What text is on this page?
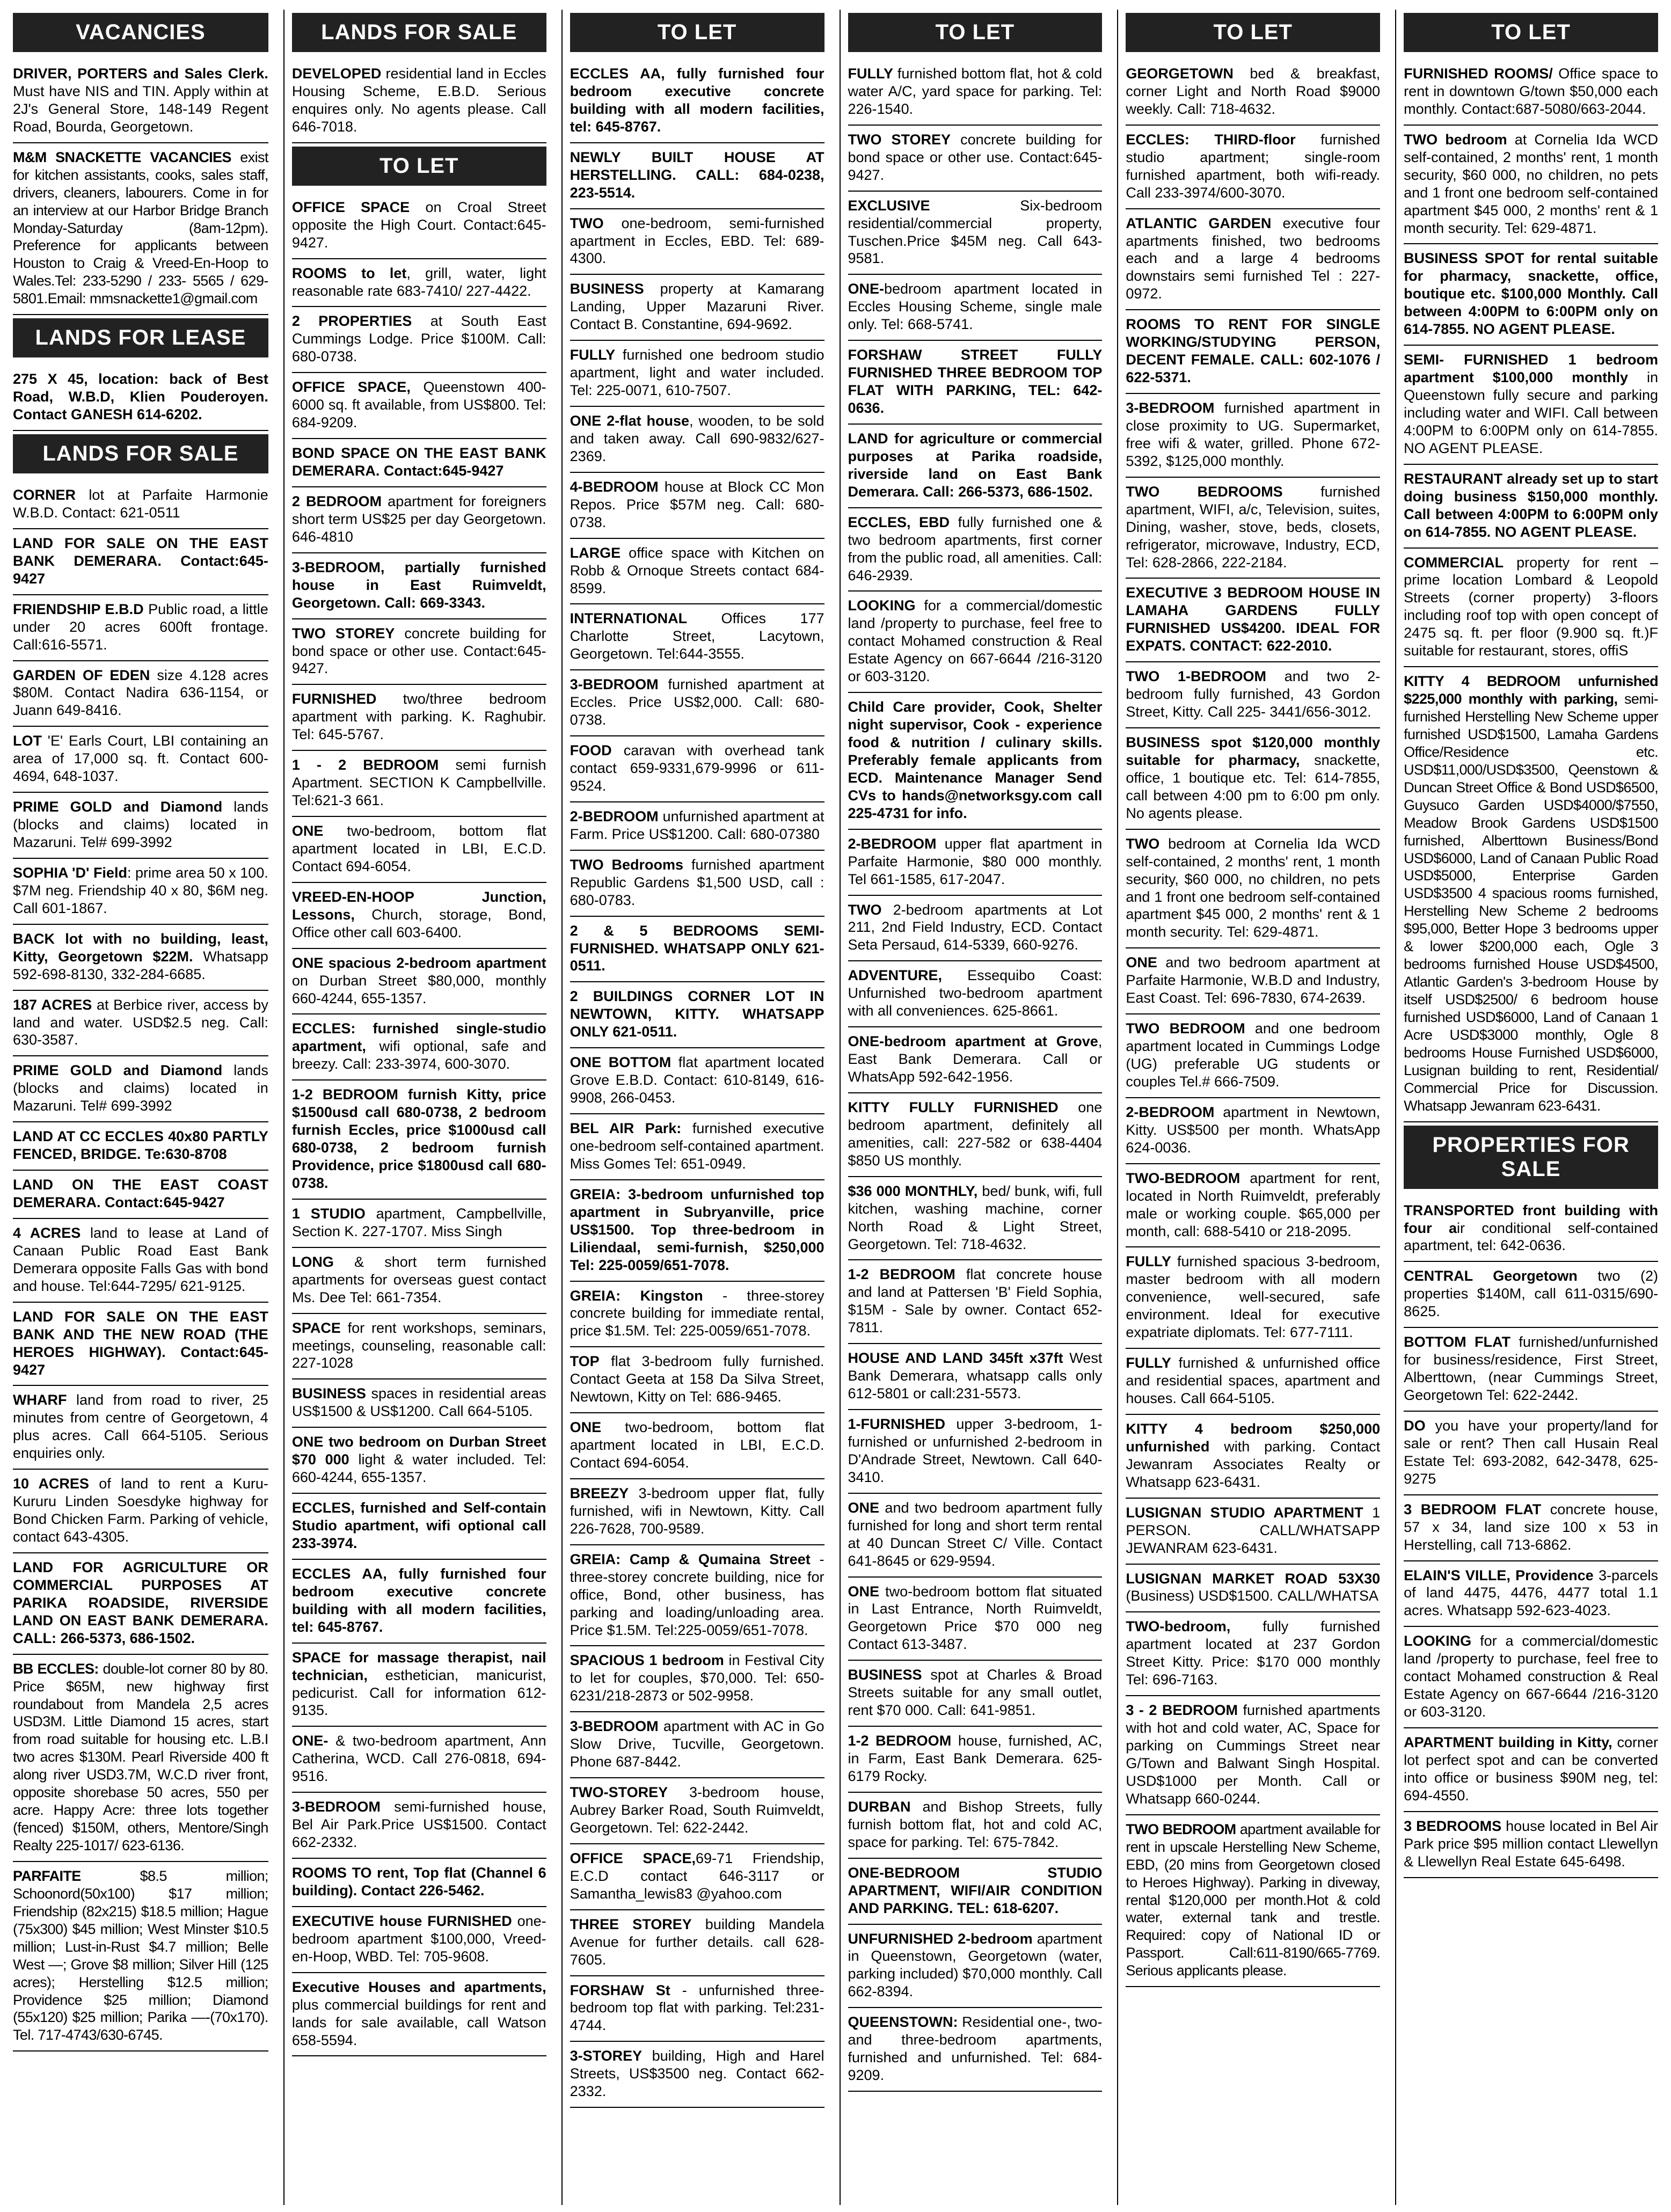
VACANCIES
DRIVER, PORTERS and Sales Clerk. Must have NIS and TIN. Apply within at 2J's General Store, 148-149 Regent Road, Bourda, Georgetown.
M&M SNACKETTE VACANCIES exist for kitchen assistants, cooks, sales staff, drivers, cleaners, labourers. Come in for an interview at our Harbor Bridge Branch Monday-Saturday (8am-12pm). Preference for applicants between Houston to Craig & Vreed-En-Hoop to Wales.Tel: 233-5290 / 233- 5565 / 629-5801.Email: mmsnackette1@gmail.com
LANDS FOR LEASE
275 X 45, location: back of Best Road, W.B.D, Klien Pouderoyen. Contact GANESH 614-6202.
LANDS FOR SALE
CORNER lot at Parfaite Harmonie W.B.D. Contact: 621-0511
LAND FOR SALE ON THE EAST BANK DEMERARA. Contact:645-9427
FRIENDSHIP E.B.D Public road, a little under 20 acres 600ft frontage. Call:616-5571.
GARDEN OF EDEN size 4.128 acres $80M. Contact Nadira 636-1154, or Juann 649-8416.
LOT 'E' Earls Court, LBI containing an area of 17,000 sq. ft. Contact 600-4694, 648-1037.
PRIME GOLD and Diamond lands (blocks and claims) located in Mazaruni. Tel# 699-3992
SOPHIA 'D' Field: prime area 50 x 100. $7M neg. Friendship 40 x 80, $6M neg. Call 601-1867.
BACK lot with no building, least, Kitty, Georgetown $22M. Whatsapp 592-698-8130, 332-284-6685.
187 ACRES at Berbice river, access by land and water. USD$2.5 neg. Call: 630-3587.
PRIME GOLD and Diamond lands (blocks and claims) located in Mazaruni. Tel# 699-3992
LAND AT CC ECCLES 40x80 PARTLY FENCED, BRIDGE. Te:630-8708
LAND ON THE EAST COAST DEMERARA. Contact:645-9427
4 ACRES land to lease at Land of Canaan Public Road East Bank Demerara opposite Falls Gas with bond and house. Tel:644-7295/ 621-9125.
LAND FOR SALE ON THE EAST BANK AND THE NEW ROAD (THE HEROES HIGHWAY). Contact:645-9427
WHARF land from road to river, 25 minutes from centre of Georgetown, 4 plus acres. Call 664-5105. Serious enquiries only.
10 ACRES of land to rent a Kuru-Kururu Linden Soesdyke highway for Bond Chicken Farm. Parking of vehicle, contact 643-4305.
LAND FOR AGRICULTURE OR COMMERCIAL PURPOSES AT PARIKA ROADSIDE, RIVERSIDE LAND ON EAST BANK DEMERARA. CALL: 266-5373, 686-1502.
BB ECCLES: double-lot corner 80 by 80. Price $65M, new highway first roundabout from Mandela 2,5 acres USD3M. Little Diamond 15 acres, start from road suitable for housing etc. L.B.I two acres $130M. Pearl Riverside 400 ft along river USD3.7M, W.C.D river front, opposite shorebase 50 acres, 550 per acre. Happy Acre: three lots together (fenced) $150M, others, Mentore/Singh Realty 225-1017/ 623-6136.
PARFAITE $8.5 million; Schoonord(50x100) $17 million; Friendship (82x215) $18.5 million; Hague (75x300) $45 million; West Minster $10.5 million; Lust-in-Rust $4.7 million; Belle West —; Grove $8 million; Silver Hill (125 acres); Herstelling $12.5 million; Providence $25 million; Diamond (55x120) $25 million; Parika —-(70x170). Tel. 717-4743/630-6745.
LANDS FOR SALE
DEVELOPED residential land in Eccles Housing Scheme, E.B.D. Serious enquires only. No agents please. Call 646-7018.
TO LET
OFFICE SPACE on Croal Street opposite the High Court. Contact:645-9427.
ROOMS to let, grill, water, light reasonable rate 683-7410/ 227-4422.
2 PROPERTIES at South East Cummings Lodge. Price $100M. Call: 680-0738.
OFFICE SPACE, Queenstown 400-6000 sq. ft available, from US$800. Tel: 684-9209.
BOND SPACE ON THE EAST BANK DEMERARA. Contact:645-9427
2 BEDROOM apartment for foreigners short term US$25 per day Georgetown. 646-4810
3-BEDROOM, partially furnished house in East Ruimveldt, Georgetown. Call: 669-3343.
TWO STOREY concrete building for bond space or other use. Contact:645-9427.
FURNISHED two/three bedroom apartment with parking. K. Raghubir. Tel: 645-5767.
1 - 2 BEDROOM semi furnish Apartment. SECTION K Campbellville. Tel:621-3 661.
ONE two-bedroom, bottom flat apartment located in LBI, E.C.D. Contact 694-6054.
VREED-EN-HOOP Junction, Lessons, Church, storage, Bond, Office other call 603-6400.
ONE spacious 2-bedroom apartment on Durban Street $80,000, monthly 660-4244, 655-1357.
ECCLES: furnished single-studio apartment, wifi optional, safe and breezy. Call: 233-3974, 600-3070.
1-2 BEDROOM furnish Kitty, price $1500usd call 680-0738, 2 bedroom furnish Eccles, price $1000usd call 680-0738, 2 bedroom furnish Providence, price $1800usd call 680-0738.
1 STUDIO apartment, Campbellville, Section K. 227-1707. Miss Singh
LONG & short term furnished apartments for overseas guest contact Ms. Dee Tel: 661-7354.
SPACE for rent workshops, seminars, meetings, counseling, reasonable call: 227-1028
BUSINESS spaces in residential areas US$1500 & US$1200. Call 664-5105.
ONE two bedroom on Durban Street $70 000 light & water included. Tel: 660-4244, 655-1357.
ECCLES, furnished and Self-contain Studio apartment, wifi optional call 233-3974.
ECCLES AA, fully furnished four bedroom executive concrete building with all modern facilities, tel: 645-8767.
SPACE for massage therapist, nail technician, esthetician, manicurist, pedicurist. Call for information 612-9135.
ONE- & two-bedroom apartment, Ann Catherina, WCD. Call 276-0818, 694-9516.
3-BEDROOM semi-furnished house, Bel Air Park.Price US$1500. Contact 662-2332.
ROOMS TO rent, Top flat (Channel 6 building). Contact 226-5462.
EXECUTIVE house FURNISHED one-bedroom apartment $100,000, Vreed-en-Hoop, WBD. Tel: 705-9608.
Executive Houses and apartments, plus commercial buildings for rent and lands for sale available, call Watson 658-5594.
TO LET
ECCLES AA, fully furnished four bedroom executive concrete building with all modern facilities, tel: 645-8767.
NEWLY BUILT HOUSE AT HERSTELLING. CALL: 684-0238, 223-5514.
TWO one-bedroom, semi-furnished apartment in Eccles, EBD. Tel: 689-4300.
BUSINESS property at Kamarang Landing, Upper Mazaruni River. Contact B. Constantine, 694-9692.
FULLY furnished one bedroom studio apartment, light and water included. Tel: 225-0071, 610-7507.
ONE 2-flat house, wooden, to be sold and taken away. Call 690-9832/627-2369.
4-BEDROOM house at Block CC Mon Repos. Price $57M neg. Call: 680-0738.
LARGE office space with Kitchen on Robb & Ornoque Streets contact 684-8599.
INTERNATIONAL Offices 177 Charlotte Street, Lacytown, Georgetown. Tel:644-3555.
3-BEDROOM furnished apartment at Eccles. Price US$2,000. Call: 680-0738.
FOOD caravan with overhead tank contact 659-9331,679-9996 or 611-9524.
2-BEDROOM unfurnished apartment at Farm. Price US$1200. Call: 680-07380
TWO Bedrooms furnished apartment Republic Gardens $1,500 USD, call : 680-0783.
2 & 5 BEDROOMS SEMI-FURNISHED. WHATSAPP ONLY 621-0511.
2 BUILDINGS CORNER LOT IN NEWTOWN, KITTY. WHATSAPP ONLY 621-0511.
ONE BOTTOM flat apartment located Grove E.B.D. Contact: 610-8149, 616-9908, 266-0453.
BEL AIR Park: furnished executive one-bedroom self-contained apartment. Miss Gomes Tel: 651-0949.
GREIA: 3-bedroom unfurnished top apartment in Subryanville, price US$1500. Top three-bedroom in Liliendaal, semi-furnish, $250,000 Tel: 225-0059/651-7078.
GREIA: Kingston - three-storey concrete building for immediate rental, price $1.5M. Tel: 225-0059/651-7078.
TOP flat 3-bedroom fully furnished. Contact Geeta at 158 Da Silva Street, Newtown, Kitty on Tel: 686-9465.
ONE two-bedroom, bottom flat apartment located in LBI, E.C.D. Contact 694-6054.
BREEZY 3-bedroom upper flat, fully furnished, wifi in Newtown, Kitty. Call 226-7628, 700-9589.
GREIA: Camp & Qumaina Street - three-storey concrete building, nice for office, Bond, other business, has parking and loading/unloading area. Price $1.5M. Tel:225-0059/651-7078.
SPACIOUS 1 bedroom in Festival City to let for couples, $70,000. Tel: 650-6231/218-2873 or 502-9958.
3-BEDROOM apartment with AC in Go Slow Drive, Tucville, Georgetown. Phone 687-8442.
TWO-STOREY 3-bedroom house, Aubrey Barker Road, South Ruimveldt, Georgetown. Tel: 622-2442.
OFFICE SPACE,69-71 Friendship, E.C.D contact 646-3117 or Samantha_lewis83 @yahoo.com
THREE STOREY building Mandela Avenue for further details. call 628-7605.
FORSHAW St - unfurnished three-bedroom top flat with parking. Tel:231-4744.
3-STOREY building, High and Harel Streets, US$3500 neg. Contact 662-2332.
TO LET
FULLY furnished bottom flat, hot & cold water A/C, yard space for parking. Tel: 226-1540.
TWO STOREY concrete building for bond space or other use. Contact:645-9427.
EXCLUSIVE Six-bedroom residential/commercial property, Tuschen.Price $45M neg. Call 643-9581.
ONE-bedroom apartment located in Eccles Housing Scheme, single male only. Tel: 668-5741.
FORSHAW STREET FULLY FURNISHED THREE BEDROOM TOP FLAT WITH PARKING, TEL: 642-0636.
LAND for agriculture or commercial purposes at Parika roadside, riverside land on East Bank Demerara. Call: 266-5373, 686-1502.
ECCLES, EBD fully furnished one & two bedroom apartments, first corner from the public road, all amenities. Call: 646-2939.
LOOKING for a commercial/domestic land /property to purchase, feel free to contact Mohamed construction & Real Estate Agency on 667-6644 /216-3120 or 603-3120.
Child Care provider, Cook, Shelter night supervisor, Cook - experience food & nutrition / culinary skills. Preferably female applicants from ECD. Maintenance Manager Send CVs to hands@networksgy.com call 225-4731 for info.
2-BEDROOM upper flat apartment in Parfaite Harmonie, $80 000 monthly. Tel 661-1585, 617-2047.
TWO 2-bedroom apartments at Lot 211, 2nd Field Industry, ECD. Contact Seta Persaud, 614-5339, 660-9276.
ADVENTURE, Essequibo Coast: Unfurnished two-bedroom apartment with all conveniences. 625-8661.
ONE-bedroom apartment at Grove, East Bank Demerara. Call or WhatsApp 592-642-1956.
KITTY FULLY FURNISHED one bedroom apartment, definitely all amenities, call: 227-582 or 638-4404 $850 US monthly.
$36 000 MONTHLY, bed/ bunk, wifi, full kitchen, washing machine, corner North Road & Light Street, Georgetown. Tel: 718-4632.
1-2 BEDROOM flat concrete house and land at Pattersen 'B' Field Sophia, $15M - Sale by owner. Contact 652-7811.
HOUSE AND LAND 345ft x37ft West Bank Demerara, whatsapp calls only 612-5801 or call:231-5573.
1-FURNISHED upper 3-bedroom, 1-furnished or unfurnished 2-bedroom in D'Andrade Street, Newtown. Call 640-3410.
ONE and two bedroom apartment fully furnished for long and short term rental at 40 Duncan Street C/ Ville. Contact 641-8645 or 629-9594.
ONE two-bedroom bottom flat situated in Last Entrance, North Ruimveldt, Georgetown Price $70 000 neg Contact 613-3487.
BUSINESS spot at Charles & Broad Streets suitable for any small outlet, rent $70 000. Call: 641-9851.
1-2 BEDROOM house, furnished, AC, in Farm, East Bank Demerara. 625-6179 Rocky.
DURBAN and Bishop Streets, fully furnish bottom flat, hot and cold AC, space for parking. Tel: 675-7842.
ONE-BEDROOM STUDIO APARTMENT, WIFI/AIR CONDITION AND PARKING. TEL: 618-6207.
UNFURNISHED 2-bedroom apartment in Queenstown, Georgetown (water, parking included) $70,000 monthly. Call 662-8394.
QUEENSTOWN: Residential one-, two- and three-bedroom apartments, furnished and unfurnished. Tel: 684-9209.
TO LET
GEORGETOWN bed & breakfast, corner Light and North Road $9000 weekly. Call: 718-4632.
ECCLES: THIRD-floor furnished studio apartment; single-room furnished apartment, both wifi-ready. Call 233-3974/600-3070.
ATLANTIC GARDEN executive four apartments finished, two bedrooms each and a large 4 bedrooms downstairs semi furnished Tel : 227-0972.
ROOMS TO RENT FOR SINGLE WORKING/STUDYING PERSON, DECENT FEMALE. CALL: 602-1076 / 622-5371.
3-BEDROOM furnished apartment in close proximity to UG. Supermarket, free wifi & water, grilled. Phone 672-5392, $125,000 monthly.
TWO BEDROOMS furnished apartment, WIFI, a/c, Television, suites, Dining, washer, stove, beds, closets, refrigerator, microwave, Industry, ECD, Tel: 628-2866, 222-2184.
EXECUTIVE 3 BEDROOM HOUSE IN LAMAHA GARDENS FULLY FURNISHED US$4200. IDEAL FOR EXPATS. CONTACT: 622-2010.
TWO 1-BEDROOM and two 2-bedroom fully furnished, 43 Gordon Street, Kitty. Call 225- 3441/656-3012.
BUSINESS spot $120,000 monthly suitable for pharmacy, snackette, office, 1 boutique etc. Tel: 614-7855, call between 4:00 pm to 6:00 pm only. No agents please.
TWO bedroom at Cornelia Ida WCD self-contained, 2 months' rent, 1 month security, $60 000, no children, no pets and 1 front one bedroom self-contained apartment $45 000, 2 months' rent & 1 month security. Tel: 629-4871.
ONE and two bedroom apartment at Parfaite Harmonie, W.B.D and Industry, East Coast. Tel: 696-7830, 674-2639.
TWO BEDROOM and one bedroom apartment located in Cummings Lodge (UG) preferable UG students or couples Tel.# 666-7509.
2-BEDROOM apartment in Newtown, Kitty. US$500 per month. WhatsApp 624-0036.
TWO-BEDROOM apartment for rent, located in North Ruimveldt, preferably male or working couple. $65,000 per month, call: 688-5410 or 218-2095.
FULLY furnished spacious 3-bedroom, master bedroom with all modern convenience, well-secured, safe environment. Ideal for executive expatriate diplomats. Tel: 677-7111.
FULLY furnished & unfurnished office and residential spaces, apartment and houses. Call 664-5105.
KITTY 4 bedroom $250,000 unfurnished with parking. Contact Jewanram Associates Realty or Whatsapp 623-6431.
LUSIGNAN STUDIO APARTMENT 1 PERSON. CALL/WHATSAPP JEWANRAM 623-6431.
LUSIGNAN MARKET ROAD 53X30 (Business) USD$1500. CALL/WHATSA
TWO-bedroom, fully furnished apartment located at 237 Gordon Street Kitty. Price: $170 000 monthly Tel: 696-7163.
3 - 2 BEDROOM furnished apartments with hot and cold water, AC, Space for parking on Cummings Street near G/Town and Balwant Singh Hospital. USD$1000 per Month. Call or Whatsapp 660-0244.
TWO BEDROOM apartment available for rent in upscale Herstelling New Scheme, EBD, (20 mins from Georgetown closed to Heroes Highway). Parking in diveway, rental $120,000 per month.Hot & cold water, external tank and trestle. Required: copy of National ID or Passport. Call:611-8190/665-7769. Serious applicants please.
TO LET
FURNISHED ROOMS/ Office space to rent in downtown G/town $50,000 each monthly. Contact:687-5080/663-2044.
TWO bedroom at Cornelia Ida WCD self-contained, 2 months' rent, 1 month security, $60 000, no children, no pets and 1 front one bedroom self-contained apartment $45 000, 2 months' rent & 1 month security. Tel: 629-4871.
BUSINESS SPOT for rental suitable for pharmacy, snackette, office, boutique etc. $100,000 Monthly. Call between 4:00PM to 6:00PM only on 614-7855. NO AGENT PLEASE.
SEMI- FURNISHED 1 bedroom apartment $100,000 monthly in Queenstown fully secure and parking including water and WIFI. Call between 4:00PM to 6:00PM only on 614-7855. NO AGENT PLEASE.
RESTAURANT already set up to start doing business $150,000 monthly. Call between 4:00PM to 6:00PM only on 614-7855. NO AGENT PLEASE.
COMMERCIAL property for rent – prime location Lombard & Leopold Streets (corner property) 3-floors including roof top with open concept of 2475 sq. ft. per floor (9.900 sq. ft.)F suitable for restaurant, stores, offiS
KITTY 4 BEDROOM unfurnished $225,000 monthly with parking, semi-furnished Herstelling New Scheme upper furnished USD$1500, Lamaha Gardens Office/Residence etc. USD$11,000/USD$3500, Qeenstown & Duncan Street Office & Bond USD$6500, Guysuco Garden USD$4000/$7550, Meadow Brook Gardens USD$1500 furnished, Alberttown Business/Bond USD$6000, Land of Canaan Public Road USD$5000, Enterprise Garden USD$3500 4 spacious rooms furnished, Herstelling New Scheme 2 bedrooms $95,000, Better Hope 3 bedrooms upper & lower $200,000 each, Ogle 3 bedrooms furnished House USD$4500, Atlantic Garden's 3-bedroom House by itself USD$2500/ 6 bedroom house furnished USD$6000, Land of Canaan 1 Acre USD$3000 monthly, Ogle 8 bedrooms House Furnished USD$6000, Lusignan building to rent, Residential/ Commercial Price for Discussion. Whatsapp Jewanram 623-6431.
PROPERTIES FOR SALE
TRANSPORTED front building with four air conditional self-contained apartment, tel: 642-0636.
CENTRAL Georgetown two (2) properties $140M, call 611-0315/690-8625.
BOTTOM FLAT furnished/unfurnished for business/residence, First Street, Alberttown, (near Cummings Street, Georgetown Tel: 622-2442.
DO you have your property/land for sale or rent? Then call Husain Real Estate Tel: 693-2082, 642-3478, 625-9275
3 BEDROOM FLAT concrete house, 57 x 34, land size 100 x 53 in Herstelling, call 713-6862.
ELAIN'S VILLE, Providence 3-parcels of land 4475, 4476, 4477 total 1.1 acres. Whatsapp 592-623-4023.
LOOKING for a commercial/domestic land /property to purchase, feel free to contact Mohamed construction & Real Estate Agency on 667-6644 /216-3120 or 603-3120.
APARTMENT building in Kitty, corner lot perfect spot and can be converted into office or business $90M neg, tel: 694-4550.
3 BEDROOMS house located in Bel Air Park price $95 million contact Llewellyn & Llewellyn Real Estate 645-6498.
